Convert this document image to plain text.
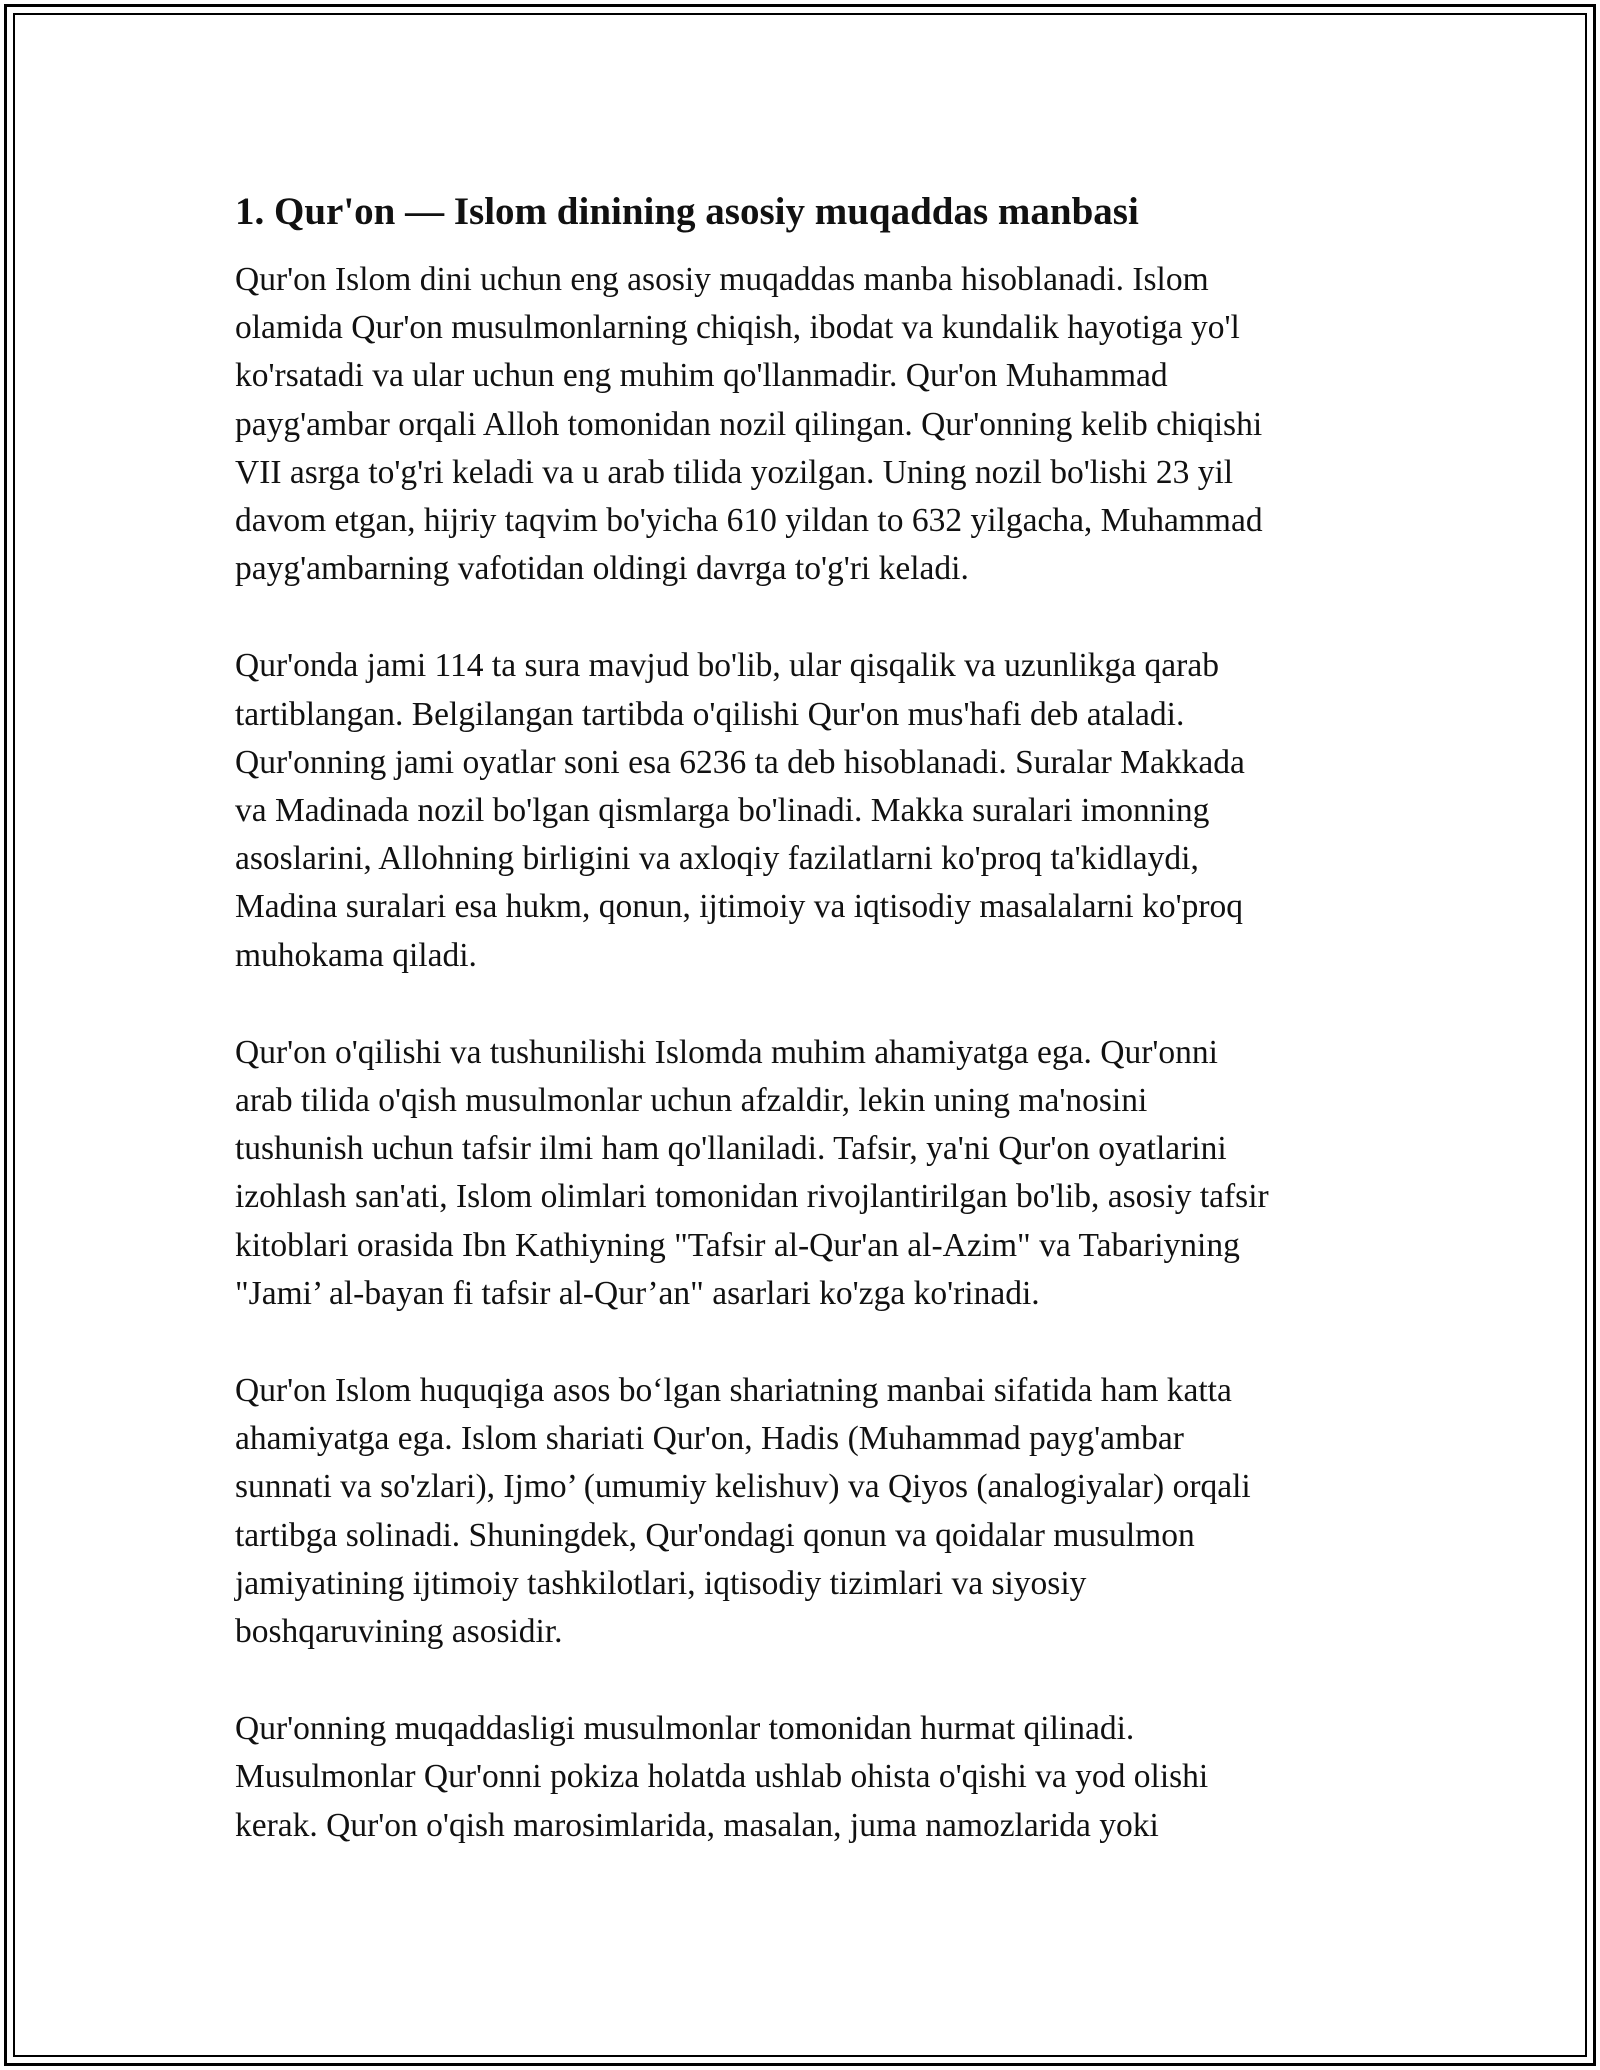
1. Qur'on — Islom dinining asosiy muqaddas manbasi

Qur'on Islom dini uchun eng asosiy muqaddas manba hisoblanadi. Islom
olamida Qur'on musulmonlarning chiqish, ibodat va kundalik hayotiga yo'l
ko'rsatadi va ular uchun eng muhim qo'llanmadir. Qur'on Muhammad
payg'ambar orqali Alloh tomonidan nozil qilingan. Qur'onning kelib chiqishi
VII asrga to'g'ri keladi va u arab tilida yozilgan. Uning nozil bo'lishi 23 yil
davom etgan, hijriy taqvim bo'yicha 610 yildan to 632 yilgacha, Muhammad
payg'ambarning vafotidan oldingi davrga to'g'ri keladi.

Qur'onda jami 114 ta sura mavjud bo'lib, ular qisqalik va uzunlikga qarab
tartiblangan. Belgilangan tartibda o'qilishi Qur'on mus'hafi deb ataladi.
Qur'onning jami oyatlar soni esa 6236 ta deb hisoblanadi. Suralar Makkada
va Madinada nozil bo'lgan qismlarga bo'linadi. Makka suralari imonning
asoslarini, Allohning birligini va axloqiy fazilatlarni ko'proq ta'kidlaydi,
Madina suralari esa hukm, qonun, ijtimoiy va iqtisodiy masalalarni ko'proq
muhokama qiladi.

Qur'on o'qilishi va tushunilishi Islomda muhim ahamiyatga ega. Qur'onni
arab tilida o'qish musulmonlar uchun afzaldir, lekin uning ma'nosini
tushunish uchun tafsir ilmi ham qo'llaniladi. Tafsir, ya'ni Qur'on oyatlarini
izohlash san'ati, Islom olimlari tomonidan rivojlantirilgan bo'lib, asosiy tafsir
kitoblari orasida Ibn Kathiyning "Tafsir al-Qur'an al-Azim" va Tabariyning
"Jami’ al-bayan fi tafsir al-Qur’an" asarlari ko'zga ko'rinadi.

Qur'on Islom huquqiga asos bo‘lgan shariatning manbai sifatida ham katta
ahamiyatga ega. Islom shariati Qur'on, Hadis (Muhammad payg'ambar
sunnati va so'zlari), Ijmo’ (umumiy kelishuv) va Qiyos (analogiyalar) orqali
tartibga solinadi. Shuningdek, Qur'ondagi qonun va qoidalar musulmon
jamiyatining ijtimoiy tashkilotlari, iqtisodiy tizimlari va siyosiy
boshqaruvining asosidir.

Qur'onning muqaddasligi musulmonlar tomonidan hurmat qilinadi.
Musulmonlar Qur'onni pokiza holatda ushlab ohista o'qishi va yod olishi
kerak. Qur'on o'qish marosimlarida, masalan, juma namozlarida yoki
